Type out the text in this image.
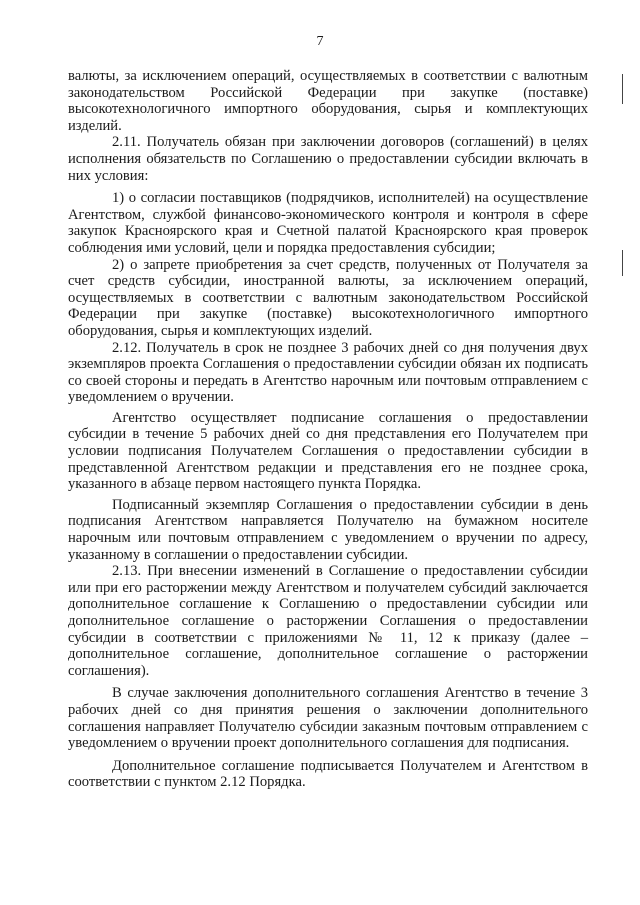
7

валюты, за исключением операций, осуществляемых в соответствии с валютным законодательством Российской Федерации при закупке (поставке) высокотехнологичного импортного оборудования, сырья и комплектующих изделий.

2.11. Получатель обязан при заключении договоров (соглашений) в целях исполнения обязательств по Соглашению о предоставлении субсидии включать в них условия:

1) о согласии поставщиков (подрядчиков, исполнителей) на осуществление Агентством, службой финансово-экономического контроля и контроля в сфере закупок Красноярского края и Счетной палатой Красноярского края проверок соблюдения ими условий, цели и порядка предоставления субсидии;

2) о запрете приобретения за счет средств, полученных от Получателя за счет средств субсидии, иностранной валюты, за исключением операций, осуществляемых в соответствии с валютным законодательством Российской Федерации при закупке (поставке) высокотехнологичного импортного оборудования, сырья и комплектующих изделий.

2.12. Получатель в срок не позднее 3 рабочих дней со дня получения двух экземпляров проекта Соглашения о предоставлении субсидии обязан их подписать со своей стороны и передать в Агентство нарочным или почтовым отправлением с уведомлением о вручении.

Агентство осуществляет подписание соглашения о предоставлении субсидии в течение 5 рабочих дней со дня представления его Получателем при условии подписания Получателем Соглашения о предоставлении субсидии в представленной Агентством редакции и представления его не позднее срока, указанного в абзаце первом настоящего пункта Порядка.

Подписанный экземпляр Соглашения о предоставлении субсидии в день подписания Агентством направляется Получателю на бумажном носителе нарочным или почтовым отправлением с уведомлением о вручении по адресу, указанному в соглашении о предоставлении субсидии.

2.13. При внесении изменений в Соглашение о предоставлении субсидии или при его расторжении между Агентством и получателем субсидий заключается дополнительное соглашение к Соглашению о предоставлении субсидии или дополнительное соглашение о расторжении Соглашения о предоставлении субсидии в соответствии с приложениями № 11, 12 к приказу (далее – дополнительное соглашение, дополнительное соглашение о расторжении соглашения).

В случае заключения дополнительного соглашения Агентство в течение 3 рабочих дней со дня принятия решения о заключении дополнительного соглашения направляет Получателю субсидии заказным почтовым отправлением с уведомлением о вручении проект дополнительного соглашения для подписания.

Дополнительное соглашение подписывается Получателем и Агентством в соответствии с пунктом 2.12 Порядка.
